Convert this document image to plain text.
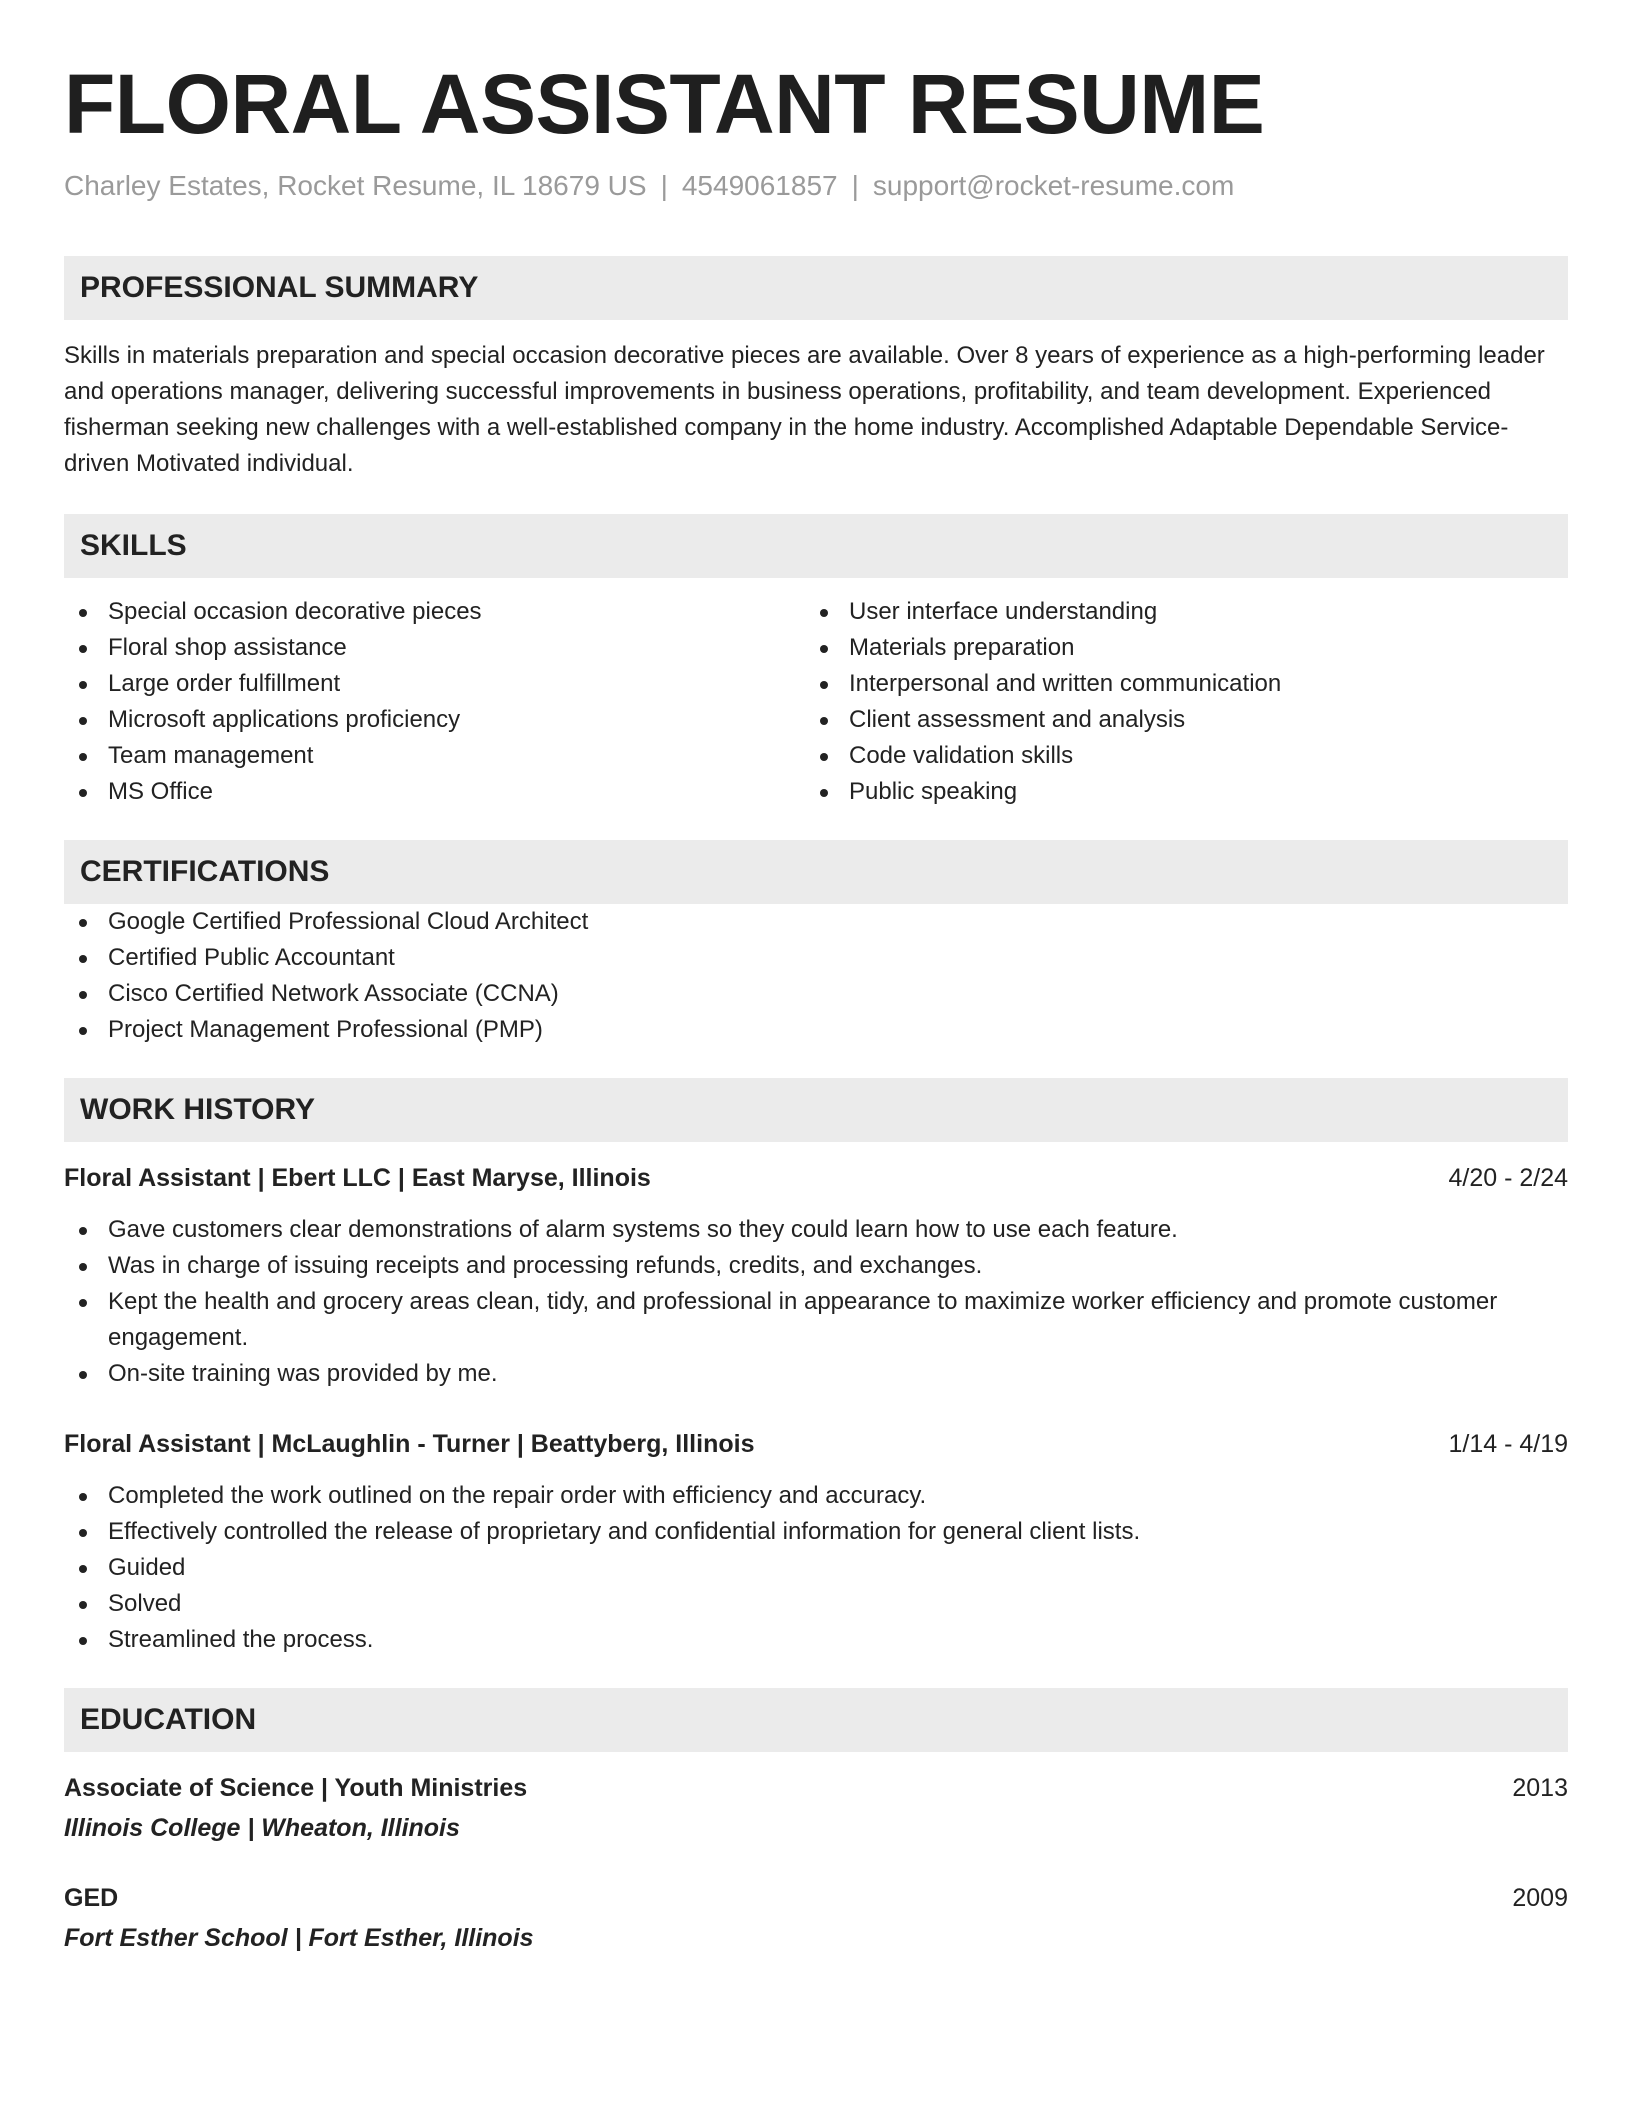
FLORAL ASSISTANT RESUME
Charley Estates, Rocket Resume, IL 18679 US | 4549061857 | support@rocket-resume.com
PROFESSIONAL SUMMARY
Skills in materials preparation and special occasion decorative pieces are available. Over 8 years of experience as a high-performing leader and operations manager, delivering successful improvements in business operations, profitability, and team development. Experienced fisherman seeking new challenges with a well-established company in the home industry. Accomplished Adaptable Dependable Service-driven Motivated individual.
SKILLS
Special occasion decorative pieces
Floral shop assistance
Large order fulfillment
Microsoft applications proficiency
Team management
MS Office
User interface understanding
Materials preparation
Interpersonal and written communication
Client assessment and analysis
Code validation skills
Public speaking
CERTIFICATIONS
Google Certified Professional Cloud Architect
Certified Public Accountant
Cisco Certified Network Associate (CCNA)
Project Management Professional (PMP)
WORK HISTORY
Floral Assistant | Ebert LLC | East Maryse, Illinois	4/20 - 2/24
Gave customers clear demonstrations of alarm systems so they could learn how to use each feature.
Was in charge of issuing receipts and processing refunds, credits, and exchanges.
Kept the health and grocery areas clean, tidy, and professional in appearance to maximize worker efficiency and promote customer engagement.
On-site training was provided by me.
Floral Assistant | McLaughlin - Turner | Beattyberg, Illinois	1/14 - 4/19
Completed the work outlined on the repair order with efficiency and accuracy.
Effectively controlled the release of proprietary and confidential information for general client lists.
Guided
Solved
Streamlined the process.
EDUCATION
Associate of Science | Youth Ministries	2013
Illinois College | Wheaton, Illinois
GED	2009
Fort Esther School | Fort Esther, Illinois
